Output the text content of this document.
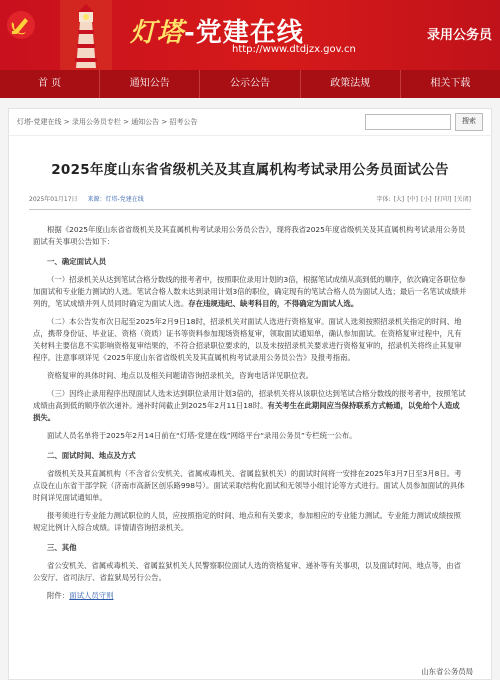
灯塔-党建在线
http://www.dtdjzx.gov.cn
录用公务员
首 页	通知公告	公示公告	政策法规	相关下载
灯塔-党建在线 > 录用公务员专栏 > 通知公告 > 招考公告	搜索
2025年度山东省省级机关及其直属机构考试录用公务员面试公告
2025年01月17日 来源：灯塔-党建在线	字体: [大] [中] [小] [打印] [关闭]

根据《2025年度山东省省级机关及其直属机构考试录用公务员公告》，现将我省2025年度省级机关及其直属机构考试录用公务员面试有关事项公告如下：

一、确定面试人员

（一）招录机关从达到笔试合格分数线的报考者中，按照职位录用计划的3倍，根据笔试成绩从高到低的顺序，依次确定各职位参加面试和专业能力测试的人选。笔试合格人数未达到录用计划3倍的职位，确定现有的笔试合格人员为面试人选；最后一名笔试成绩并列的，笔试成绩并列人员同时确定为面试人选。存在违规违纪、缺考科目的，不得确定为面试人选。

（二）本公告发布次日起至2025年2月9日18时，招录机关对面试人选进行资格复审。面试人选须按照招录机关指定的时间、地点，携带身份证、毕业证、资格（资质）证书等资料参加现场资格复审，领取面试通知单，确认参加面试。在资格复审过程中，凡有关材料主要信息不实影响资格复审结果的，不符合招录职位要求的，以及未按招录机关要求进行资格复审的，招录机关将终止其复审程序。注意事项详见《2025年度山东省省级机关及其直属机构考试录用公务员公告》及报考指南。

资格复审的具体时间、地点以及相关问题请咨询招录机关，咨询电话详见职位表。

（三）因终止录用程序出现面试人选未达到职位录用计划3倍的，招录机关将从该职位达到笔试合格分数线的报考者中，按照笔试成绩由高到低的顺序依次递补。递补时间截止到2025年2月11日18时。有关考生在此期间应当保持联系方式畅通，以免给个人造成损失。

面试人员名单将于2025年2月14日前在“灯塔-党建在线”网络平台“录用公务员”专栏统一公布。

二、面试时间、地点及方式

省级机关及其直属机构（不含省公安机关、省属戒毒机关、省属监狱机关）的面试时间将一安排在2025年3月7日至3月8日。考点设在山东省干部学院（济南市高新区创乐路998号）。面试采取结构化面试和无领导小组讨论等方式进行。面试人员参加面试的具体时间详见面试通知单。

报考须进行专业能力测试职位的人员，应按照指定的时间、地点和有关要求，参加相应的专业能力测试。专业能力测试成绩按照规定比例计入综合成绩。详情请咨询招录机关。

三、其他

省公安机关、省属戒毒机关、省属监狱机关人民警察职位面试人选的资格复审、递补等有关事项，以及面试时间、地点等，由省公安厅、省司法厅、省监狱局另行公告。

附件：面试人员守则

山东省公务员局
